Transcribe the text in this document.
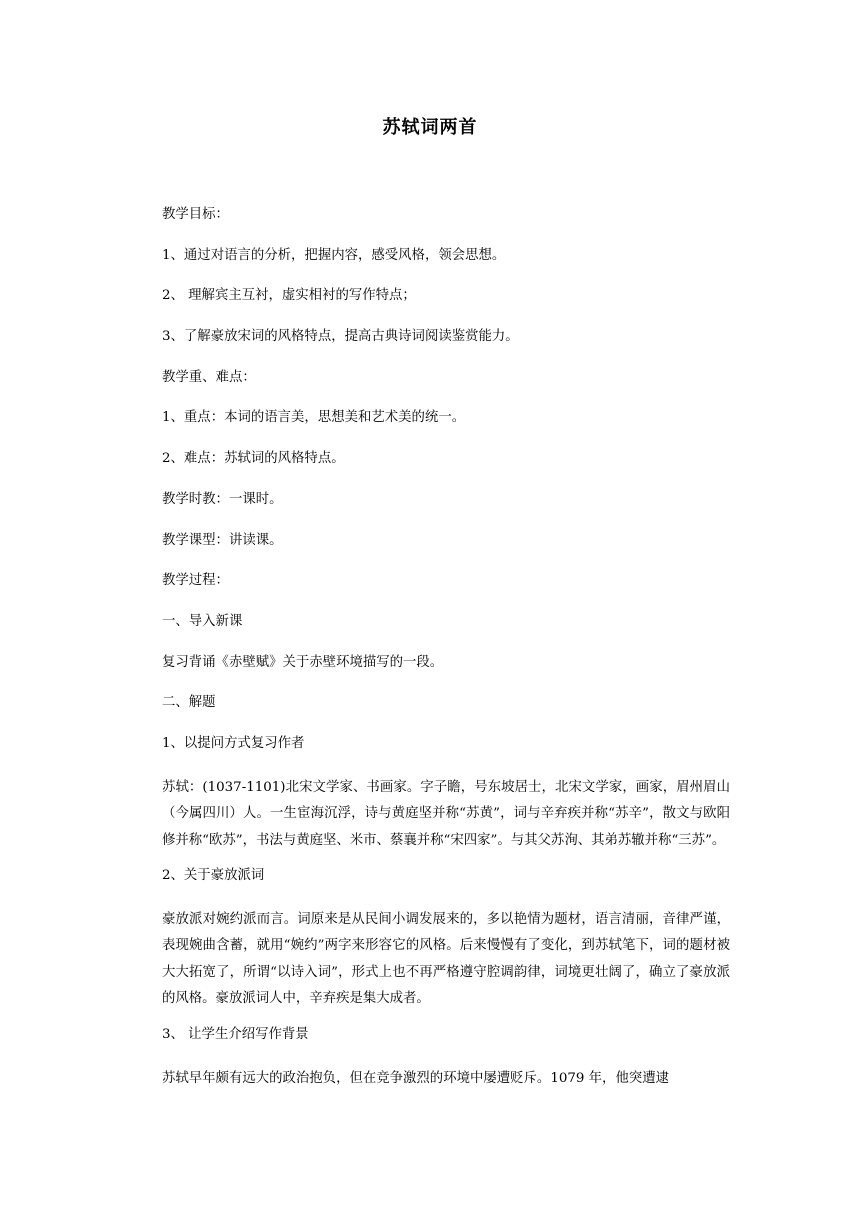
苏轼词两首
教学目标：
1、通过对语言的分析，把握内容，感受风格，领会思想。
2、 理解宾主互衬，虚实相衬的写作特点；
3、了解豪放宋词的风格特点，提高古典诗词阅读鉴赏能力。
教学重、难点：
1、重点：本词的语言美，思想美和艺术美的统一。
2、难点：苏轼词的风格特点。
教学时教：一课时。
教学课型：讲读课。
教学过程：
一、导入新课
复习背诵《赤壁赋》关于赤壁环境描写的一段。
二、解题
1、以提问方式复习作者
苏轼：(1037-1101)北宋文学家、书画家。字子瞻，号东坡居士，北宋文学家，画家，眉州眉山（今属四川）人。一生宦海沉浮，诗与黄庭坚并称“苏黄”，词与辛弃疾并称“苏辛”，散文与欧阳修并称“欧苏”，书法与黄庭坚、米市、蔡襄并称“宋四家”。与其父苏洵、其弟苏辙并称“三苏”。
2、关于豪放派词
豪放派对婉约派而言。词原来是从民间小调发展来的，多以艳情为题材，语言清丽，音律严谨，表现婉曲含蓄，就用“婉约”两字来形容它的风格。后来慢慢有了变化，到苏轼笔下，词的题材被大大拓宽了，所谓“以诗入词”，形式上也不再严格遵守腔调韵律，词境更壮阔了，确立了豪放派的风格。豪放派词人中，辛弃疾是集大成者。
3、 让学生介绍写作背景
苏轼早年颇有远大的政治抱负，但在竞争激烈的环境中屡遭贬斥。1079 年，他突遭逮
